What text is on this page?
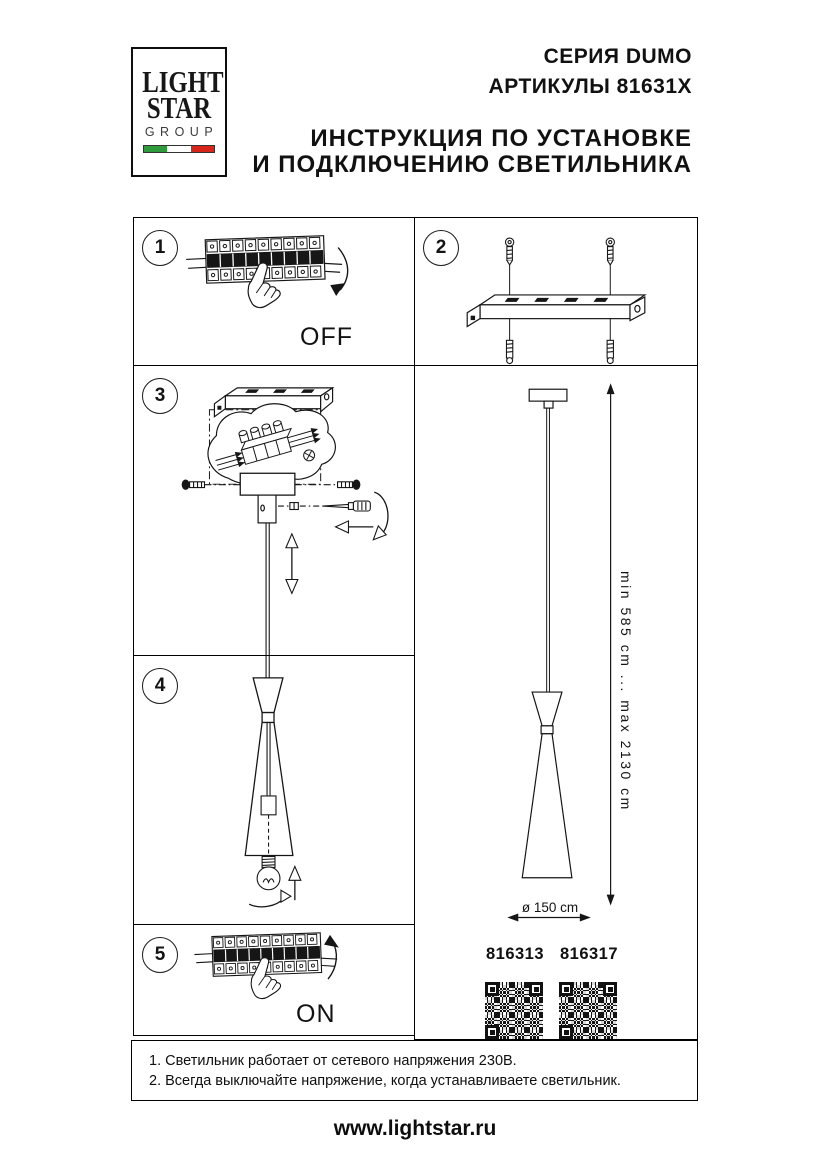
LIGHT
STAR
GROUP
СЕРИЯ DUMO
АРТИКУЛЫ 81631X
ИНСТРУКЦИЯ ПО УСТАНОВКЕ
И ПОДКЛЮЧЕНИЮ СВЕТИЛЬНИКА
1
OFF
2
3
4
5
ON
min 585 cm ... max 2130 cm
ø 150 cm
816313 816317
1. Светильник работает от сетевого напряжения 230В.
2. Всегда выключайте напряжение, когда устанавливаете светильник.
www.lightstar.ru
